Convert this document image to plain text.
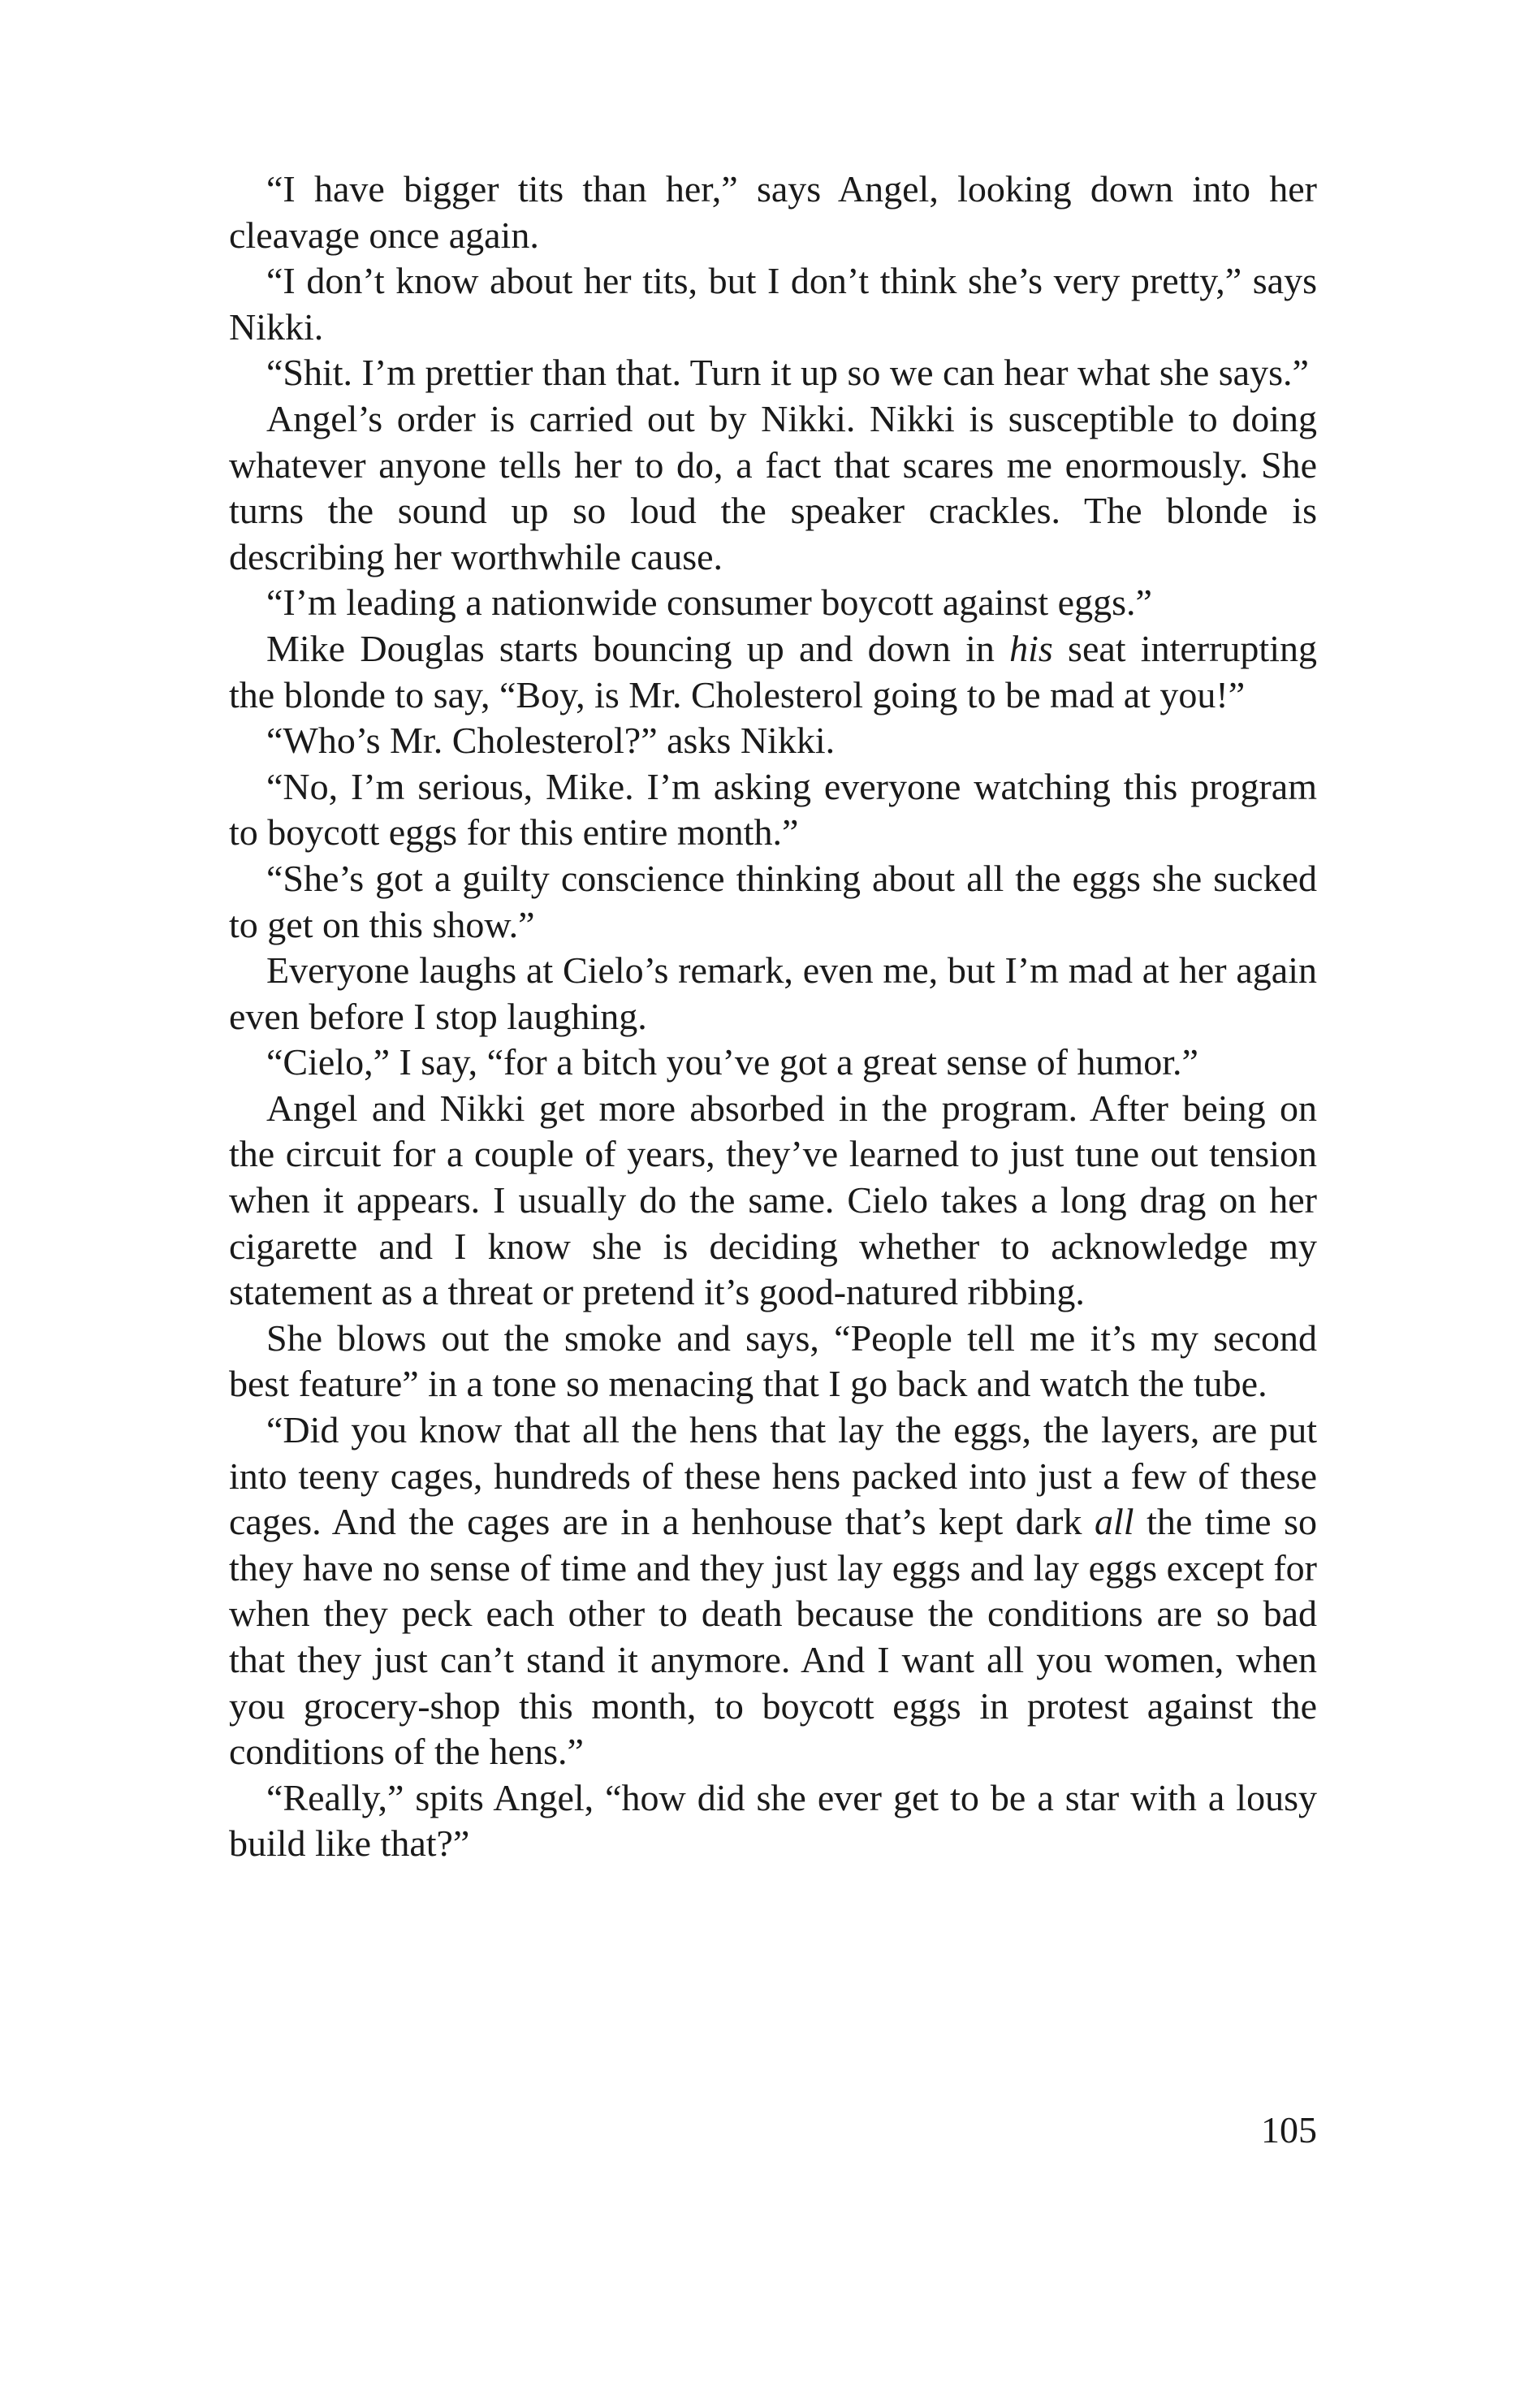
“I have bigger tits than her,” says Angel, looking down into her cleavage once again.

“I don’t know about her tits, but I don’t think she’s very pretty,” says Nikki.

“Shit. I’m prettier than that. Turn it up so we can hear what she says.”

Angel’s order is carried out by Nikki. Nikki is susceptible to doing whatever anyone tells her to do, a fact that scares me enormously. She turns the sound up so loud the speaker crackles. The blonde is describing her worthwhile cause.

“I’m leading a nationwide consumer boycott against eggs.”

Mike Douglas starts bouncing up and down in his seat interrupting the blonde to say, “Boy, is Mr. Cholesterol going to be mad at you!”

“Who’s Mr. Cholesterol?” asks Nikki.

“No, I’m serious, Mike. I’m asking everyone watching this program to boycott eggs for this entire month.”

“She’s got a guilty conscience thinking about all the eggs she sucked to get on this show.”

Everyone laughs at Cielo’s remark, even me, but I’m mad at her again even before I stop laughing.

“Cielo,” I say, “for a bitch you’ve got a great sense of humor.”

Angel and Nikki get more absorbed in the program. After being on the circuit for a couple of years, they’ve learned to just tune out tension when it appears. I usually do the same. Cielo takes a long drag on her cigarette and I know she is deciding whether to acknowledge my statement as a threat or pretend it’s good-natured ribbing.

She blows out the smoke and says, “People tell me it’s my second best feature” in a tone so menacing that I go back and watch the tube.

“Did you know that all the hens that lay the eggs, the layers, are put into teeny cages, hundreds of these hens packed into just a few of these cages. And the cages are in a henhouse that’s kept dark all the time so they have no sense of time and they just lay eggs and lay eggs except for when they peck each other to death because the conditions are so bad that they just can’t stand it anymore. And I want all you women, when you grocery-shop this month, to boycott eggs in protest against the conditions of the hens.”

“Really,” spits Angel, “how did she ever get to be a star with a lousy build like that?”

105
